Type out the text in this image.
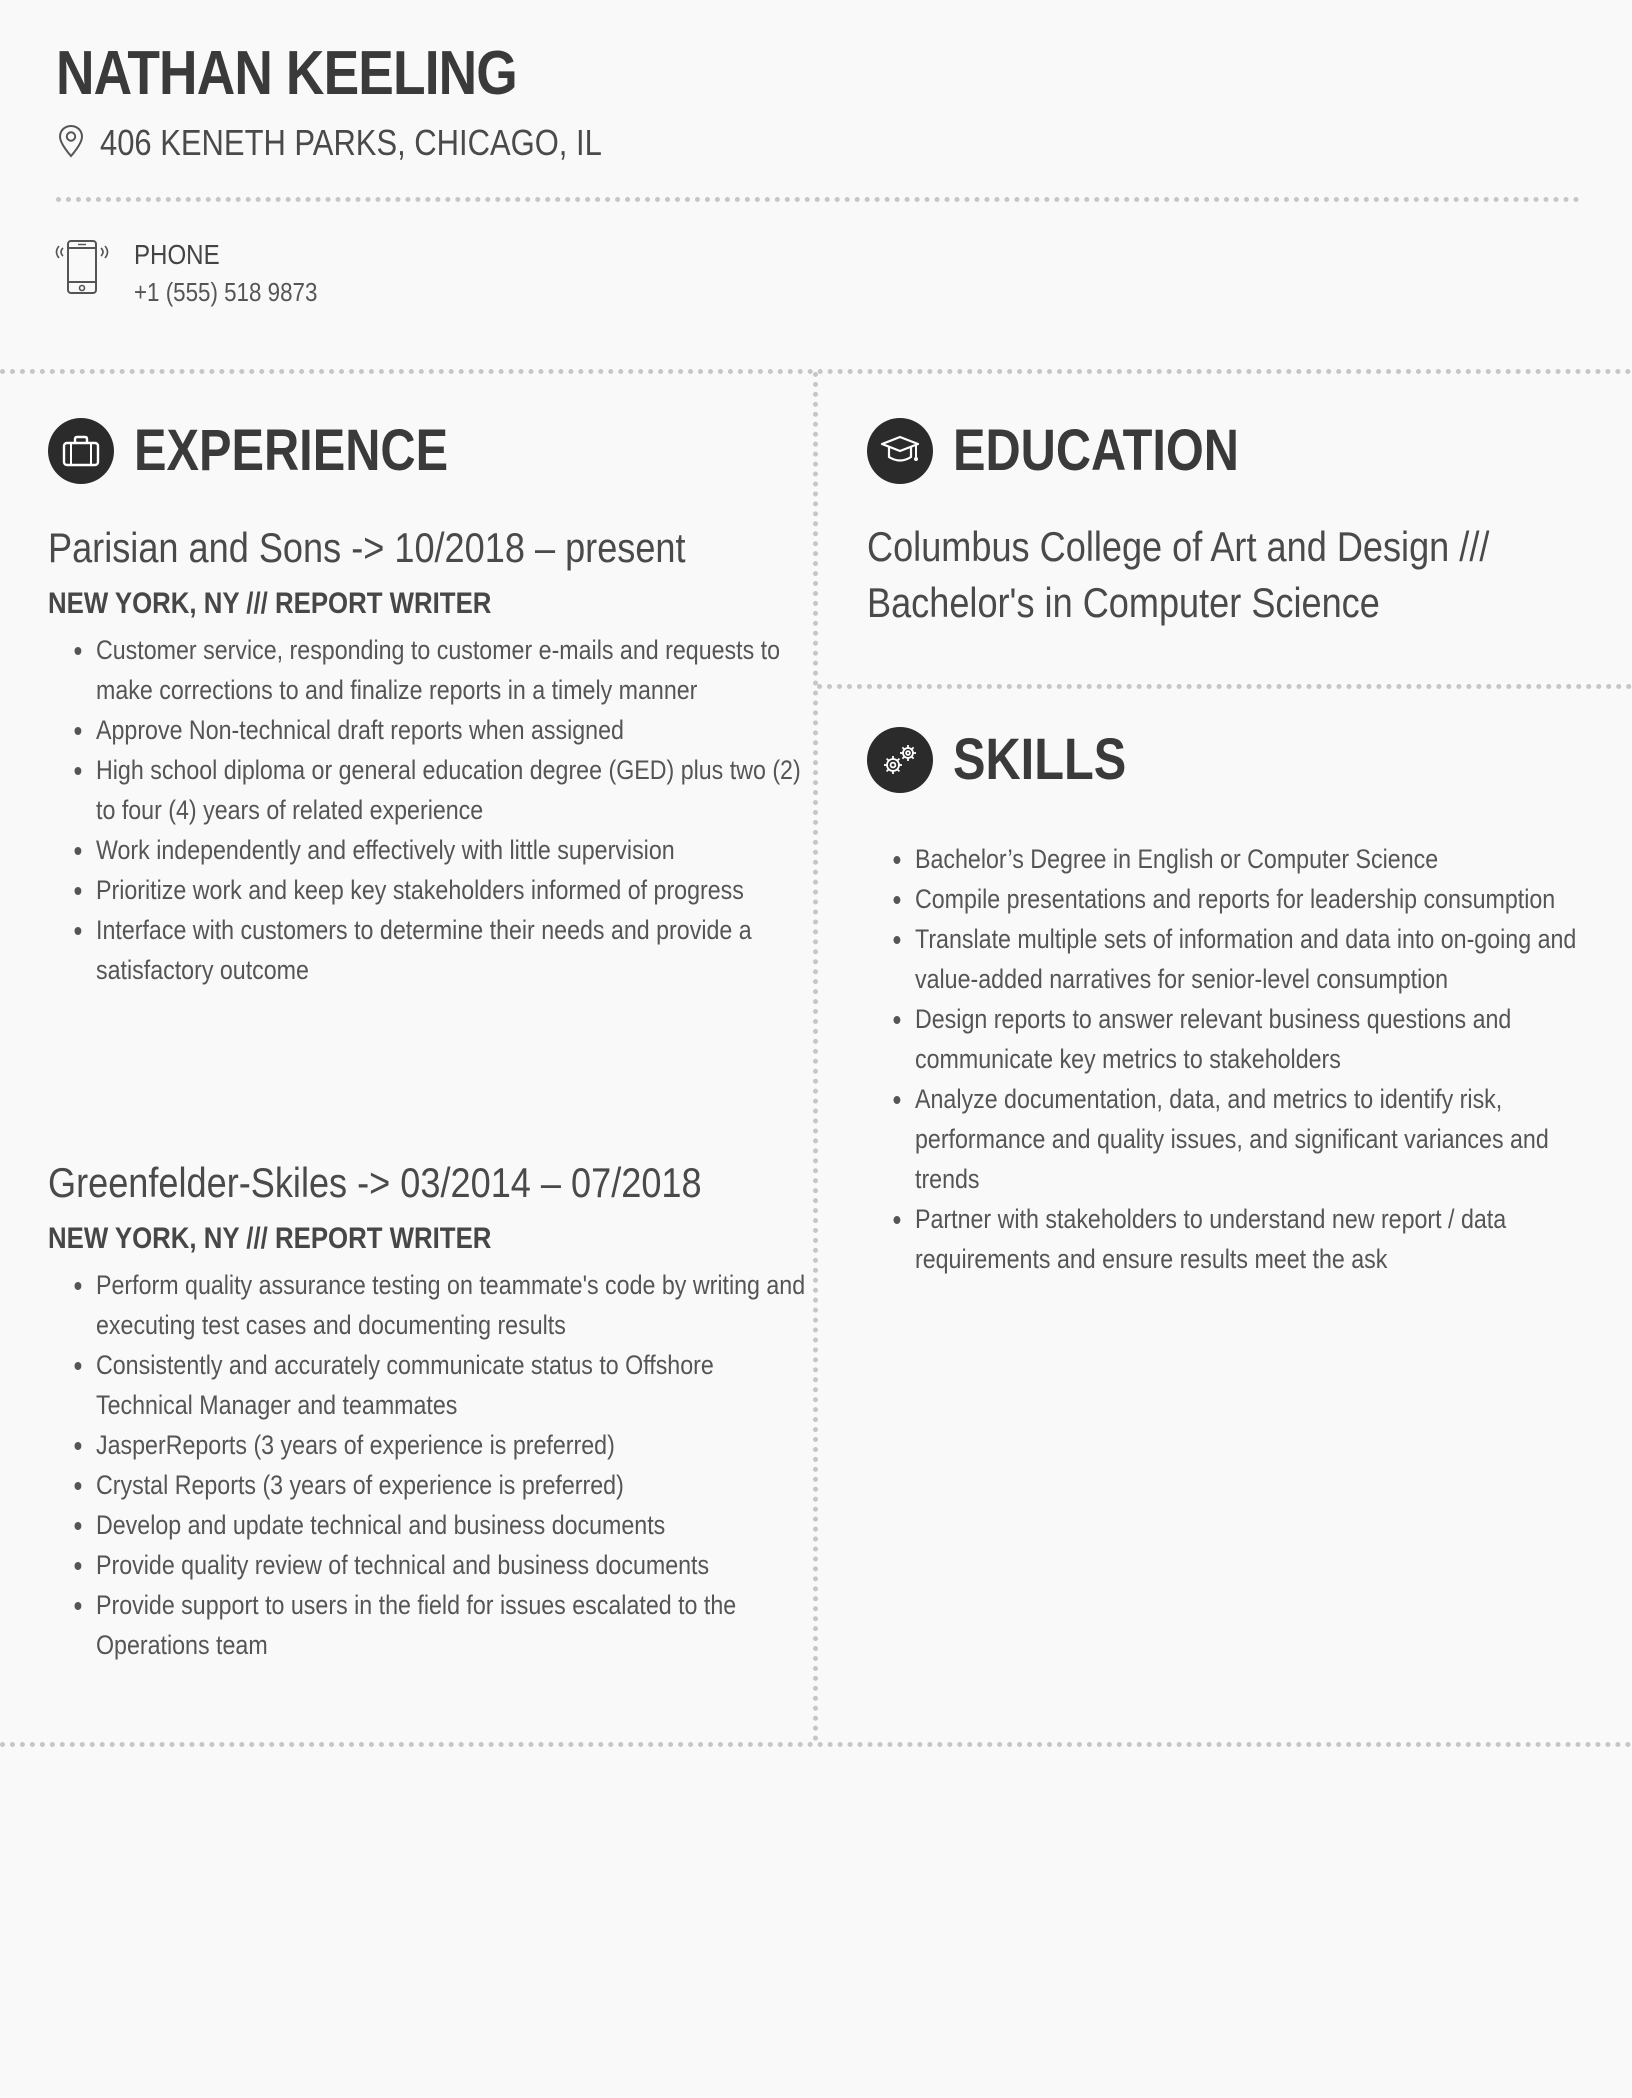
NATHAN KEELING
406 KENETH PARKS, CHICAGO, IL
PHONE
+1 (555) 518 9873
EXPERIENCE
Parisian and Sons -> 10/2018 – present
NEW YORK, NY /// REPORT WRITER
Customer service, responding to customer e-mails and requests to make corrections to and finalize reports in a timely manner
Approve Non-technical draft reports when assigned
High school diploma or general education degree (GED) plus two (2) to four (4) years of related experience
Work independently and effectively with little supervision
Prioritize work and keep key stakeholders informed of progress
Interface with customers to determine their needs and provide a satisfactory outcome
Greenfelder-Skiles -> 03/2014 – 07/2018
NEW YORK, NY /// REPORT WRITER
Perform quality assurance testing on teammate's code by writing and executing test cases and documenting results
Consistently and accurately communicate status to Offshore Technical Manager and teammates
JasperReports (3 years of experience is preferred)
Crystal Reports (3 years of experience is preferred)
Develop and update technical and business documents
Provide quality review of technical and business documents
Provide support to users in the field for issues escalated to the Operations team
EDUCATION
Columbus College of Art and Design ///
Bachelor's in Computer Science
SKILLS
Bachelor’s Degree in English or Computer Science
Compile presentations and reports for leadership consumption
Translate multiple sets of information and data into on-going and value-added narratives for senior-level consumption
Design reports to answer relevant business questions and communicate key metrics to stakeholders
Analyze documentation, data, and metrics to identify risk, performance and quality issues, and significant variances and trends
Partner with stakeholders to understand new report / data requirements and ensure results meet the ask
